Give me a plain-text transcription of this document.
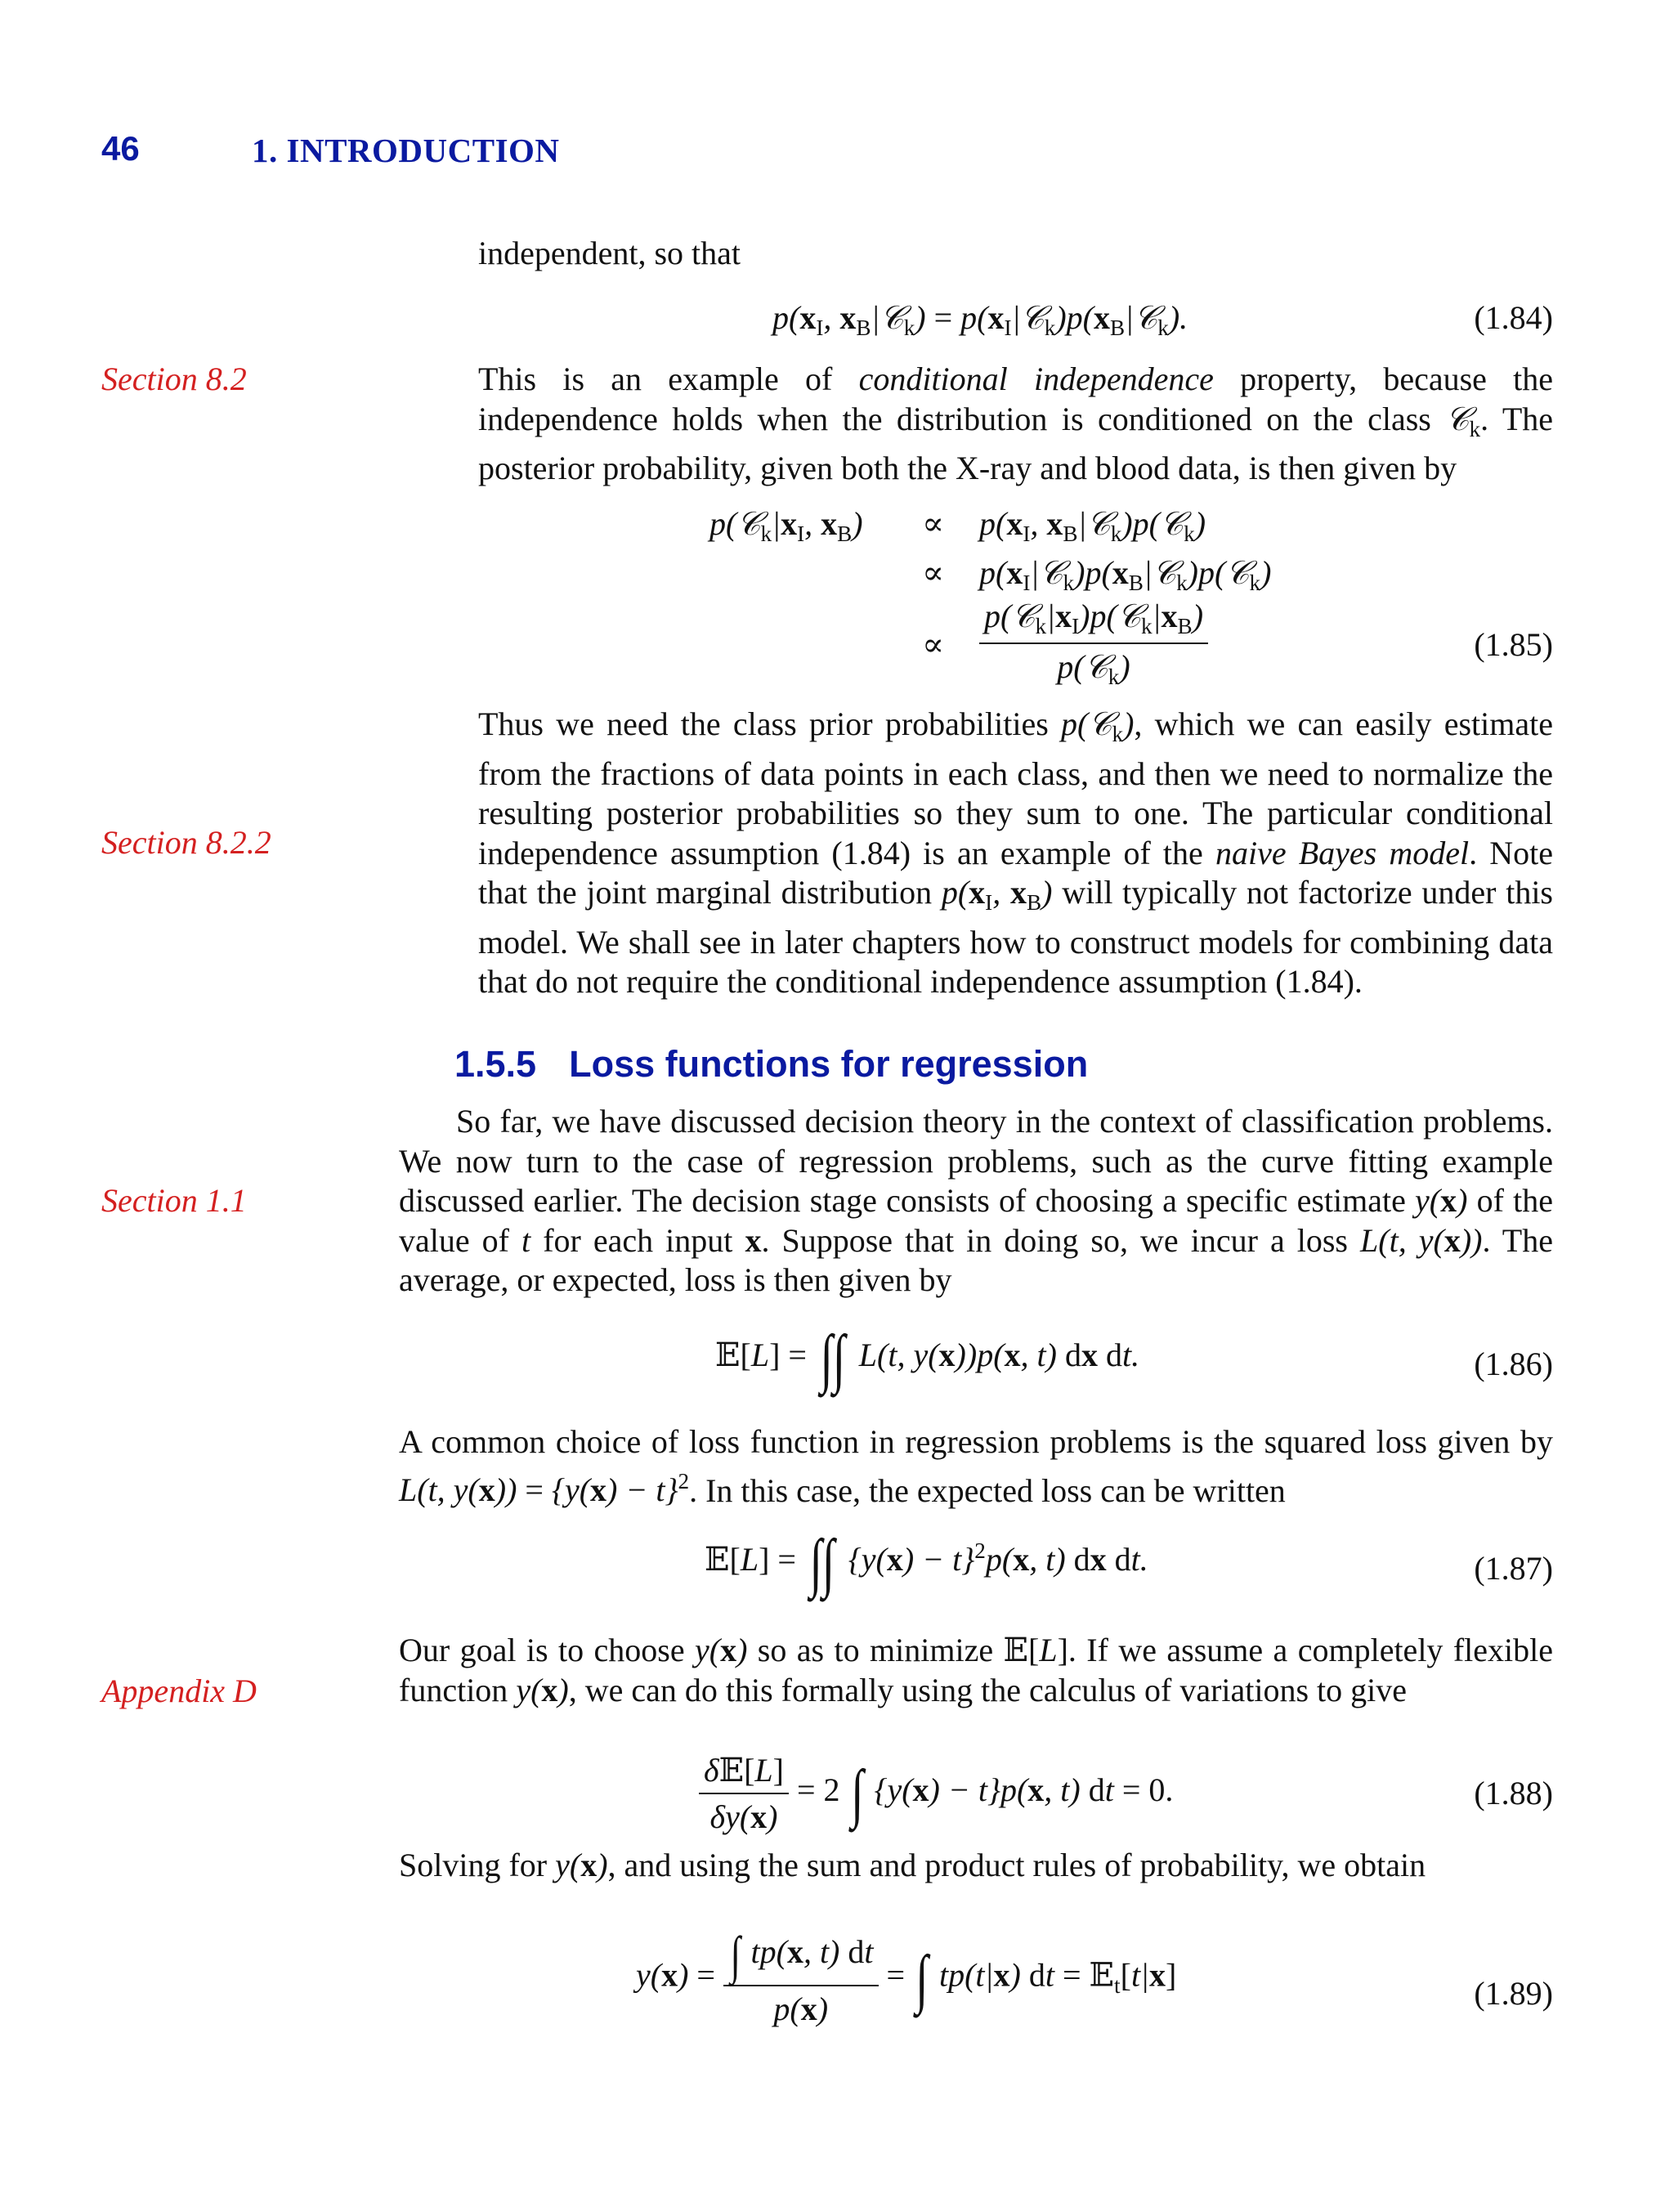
46	1. INTRODUCTION
Section 8.2
Section 8.2.2
Section 1.1
Appendix D

independent, so that

$p(x_I$, $x_B|𝒞_k$) = $p(x_I|𝒞_k)p(x_B|𝒞_k)$.	(1.84)

This is an example of conditional independence property, because the independence holds when the distribution is conditioned on the class 𝒞$_k$. The posterior probability, given both the X-ray and blood data, is then given by

$p(𝒞_k|x_I$, $x_B) \propto p(x_I$, $x_B|𝒞_k)p(𝒞_k)$
∝ $p(x_I|𝒞_k)p(x_B|𝒞_k)p(𝒞_k)$
∝ $\frac{p(𝒞_k|x_I)p(𝒞_k|x_B)}{p(𝒞_k)}$	(1.85)

Thus we need the class prior probabilities p(𝒞$_k$), which we can easily estimate from the fractions of data points in each class, and then we need to normalize the resulting posterior probabilities so they sum to one. The particular conditional independence assumption (1.84) is an example of the naive Bayes model. Note that the joint marginal distribution $p(x_I$, $x_B$) will typically not factorize under this model. We shall see in later chapters how to construct models for combining data that do not require the conditional independence assumption (1.84).

1.5.5 Loss functions for regression

So far, we have discussed decision theory in the context of classification problems. We now turn to the case of regression problems, such as the curve fitting example discussed earlier. The decision stage consists of choosing a specific estimate y(x) of the value of t for each input x. Suppose that in doing so, we incur a loss L(t, y(x)). The average, or expected, loss is then given by

𝔼[L] = ∫∫ L(t, y(x))p(x, t) dx dt.	(1.86)

A common choice of loss function in regression problems is the squared loss given by L(t, $y(x)) = \{y(x) - t\}^2$. In this case, the expected loss can be written

𝔼[L] = ∫∫ $\{y(x) - t\}^2p(x$, t) dx dt.	(1.87)

Our goal is to choose y(x) so as to minimize 𝔼[L]. If we assume a completely flexible function y(x), we can do this formally using the calculus of variations to give

$\frac{\text{δ𝔼[L]}}{\delta y(x)} = 2$ ∫ {y(x) − t}p(x, t) dt = 0.	(1.88)

Solving for y(x), and using the sum and product rules of probability, we obtain

$y(x) = \frac{\int tp(x, t) dt}{p(x)}$ = ∫ tp(t|x) dt = 𝔼$_t$[t|x]	(1.89)
